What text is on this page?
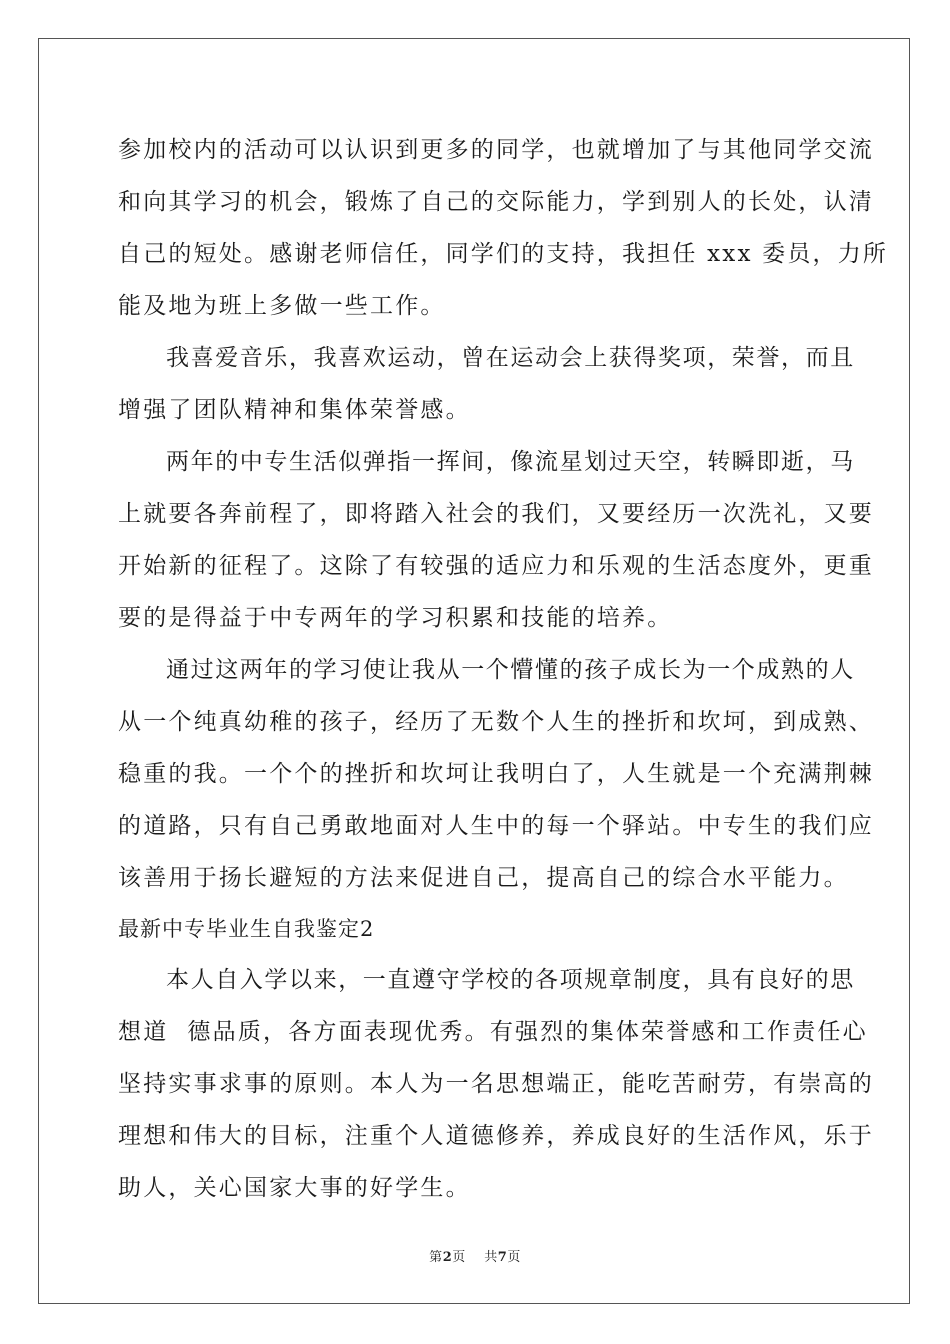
参加校内的活动可以认识到更多的同学，也就增加了与其他同学交流
和向其学习的机会，锻炼了自己的交际能力，学到别人的长处，认清
自己的短处。感谢老师信任，同学们的支持，我担任 xxx 委员，力所
能及地为班上多做一些工作。
我喜爱音乐，我喜欢运动，曾在运动会上获得奖项，荣誉，而且
增强了团队精神和集体荣誉感。
两年的中专生活似弹指一挥间，像流星划过天空，转瞬即逝，马
上就要各奔前程了，即将踏入社会的我们，又要经历一次洗礼，又要
开始新的征程了。这除了有较强的适应力和乐观的生活态度外，更重
要的是得益于中专两年的学习积累和技能的培养。
通过这两年的学习使让我从一个懵懂的孩子成长为一个成熟的人
从一个纯真幼稚的孩子，经历了无数个人生的挫折和坎坷，到成熟、
稳重的我。一个个的挫折和坎坷让我明白了，人生就是一个充满荆棘
的道路，只有自己勇敢地面对人生中的每一个驿站。中专生的我们应
该善用于扬长避短的方法来促进自己，提高自己的综合水平能力。
最新中专毕业生自我鉴定2
本人自入学以来，一直遵守学校的各项规章制度，具有良好的思
想道  德品质，各方面表现优秀。有强烈的集体荣誉感和工作责任心
坚持实事求事的原则。本人为一名思想端正，能吃苦耐劳，有崇高的
理想和伟大的目标，注重个人道德修养，养成良好的生活作风，乐于
助人，关心国家大事的好学生。
第2页    共7页
